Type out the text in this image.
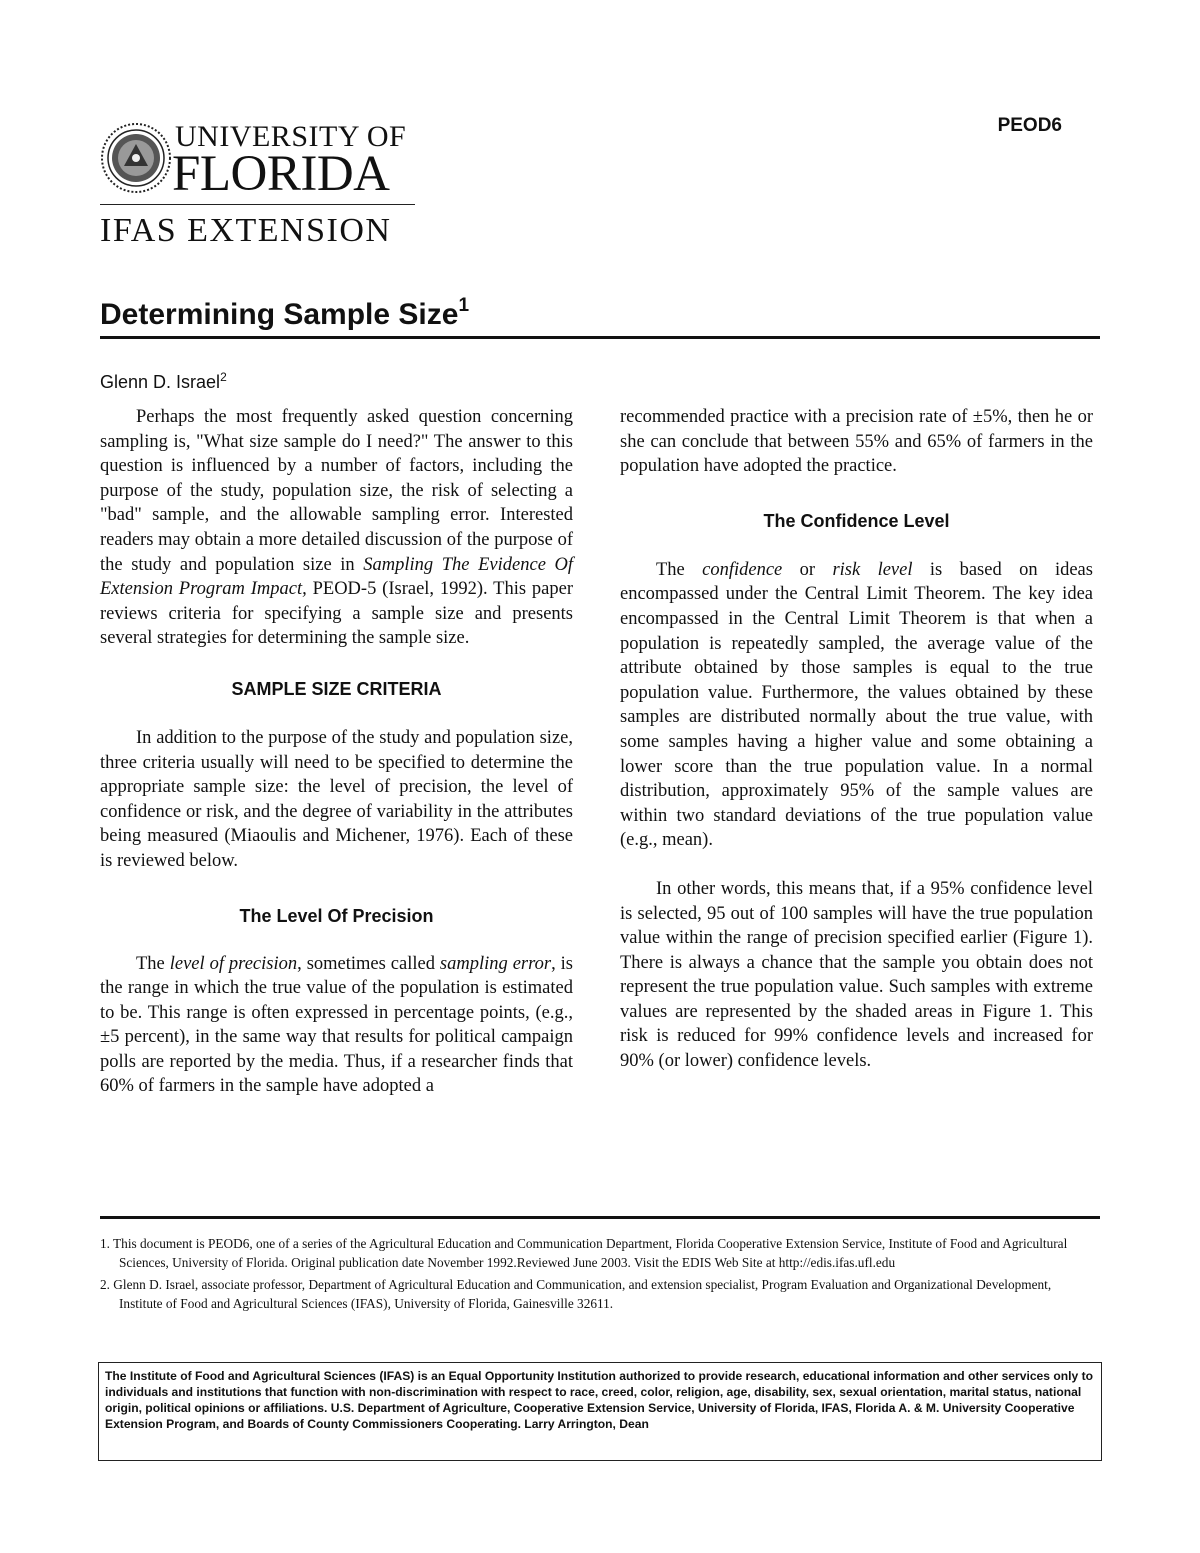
PEOD6
UNIVERSITY OF
FLORIDA
IFAS EXTENSION
Determining Sample Size$^1$
Glenn D. Israel$^2$

Perhaps the most frequently asked question concerning sampling is, "What size sample do I need?" The answer to this question is influenced by a number of factors, including the purpose of the study, population size, the risk of selecting a "bad" sample, and the allowable sampling error. Interested readers may obtain a more detailed discussion of the purpose of the study and population size in Sampling The Evidence Of Extension Program Impact, PEOD-5 (Israel, 1992). This paper reviews criteria for specifying a sample size and presents several strategies for determining the sample size.

SAMPLE SIZE CRITERIA

In addition to the purpose of the study and population size, three criteria usually will need to be specified to determine the appropriate sample size: the level of precision, the level of confidence or risk, and the degree of variability in the attributes being measured (Miaoulis and Michener, 1976). Each of these is reviewed below.

The Level Of Precision

The level of precision, sometimes called sampling error, is the range in which the true value of the population is estimated to be. This range is often expressed in percentage points, (e.g., ±5 percent), in the same way that results for political campaign polls are reported by the media. Thus, if a researcher finds that 60% of farmers in the sample have adopted a

recommended practice with a precision rate of ±5%, then he or she can conclude that between 55% and 65% of farmers in the population have adopted the practice.

The Confidence Level

The confidence or risk level is based on ideas encompassed under the Central Limit Theorem. The key idea encompassed in the Central Limit Theorem is that when a population is repeatedly sampled, the average value of the attribute obtained by those samples is equal to the true population value. Furthermore, the values obtained by these samples are distributed normally about the true value, with some samples having a higher value and some obtaining a lower score than the true population value. In a normal distribution, approximately 95% of the sample values are within two standard deviations of the true population value (e.g., mean).

In other words, this means that, if a 95% confidence level is selected, 95 out of 100 samples will have the true population value within the range of precision specified earlier (Figure 1). There is always a chance that the sample you obtain does not represent the true population value. Such samples with extreme values are represented by the shaded areas in Figure 1. This risk is reduced for 99% confidence levels and increased for 90% (or lower) confidence levels.

1. This document is PEOD6, one of a series of the Agricultural Education and Communication Department, Florida Cooperative Extension Service, Institute of Food and Agricultural Sciences, University of Florida. Original publication date November 1992.Reviewed June 2003. Visit the EDIS Web Site at http://edis.ifas.ufl.edu
2. Glenn D. Israel, associate professor, Department of Agricultural Education and Communication, and extension specialist, Program Evaluation and Organizational Development, Institute of Food and Agricultural Sciences (IFAS), University of Florida, Gainesville 32611.
The Institute of Food and Agricultural Sciences (IFAS) is an Equal Opportunity Institution authorized to provide research, educational information and other services only to individuals and institutions that function with non-discrimination with respect to race, creed, color, religion, age, disability, sex, sexual orientation, marital status, national origin, political opinions or affiliations. U.S. Department of Agriculture, Cooperative Extension Service, University of Florida, IFAS, Florida A. & M. University Cooperative Extension Program, and Boards of County Commissioners Cooperating. Larry Arrington, Dean
